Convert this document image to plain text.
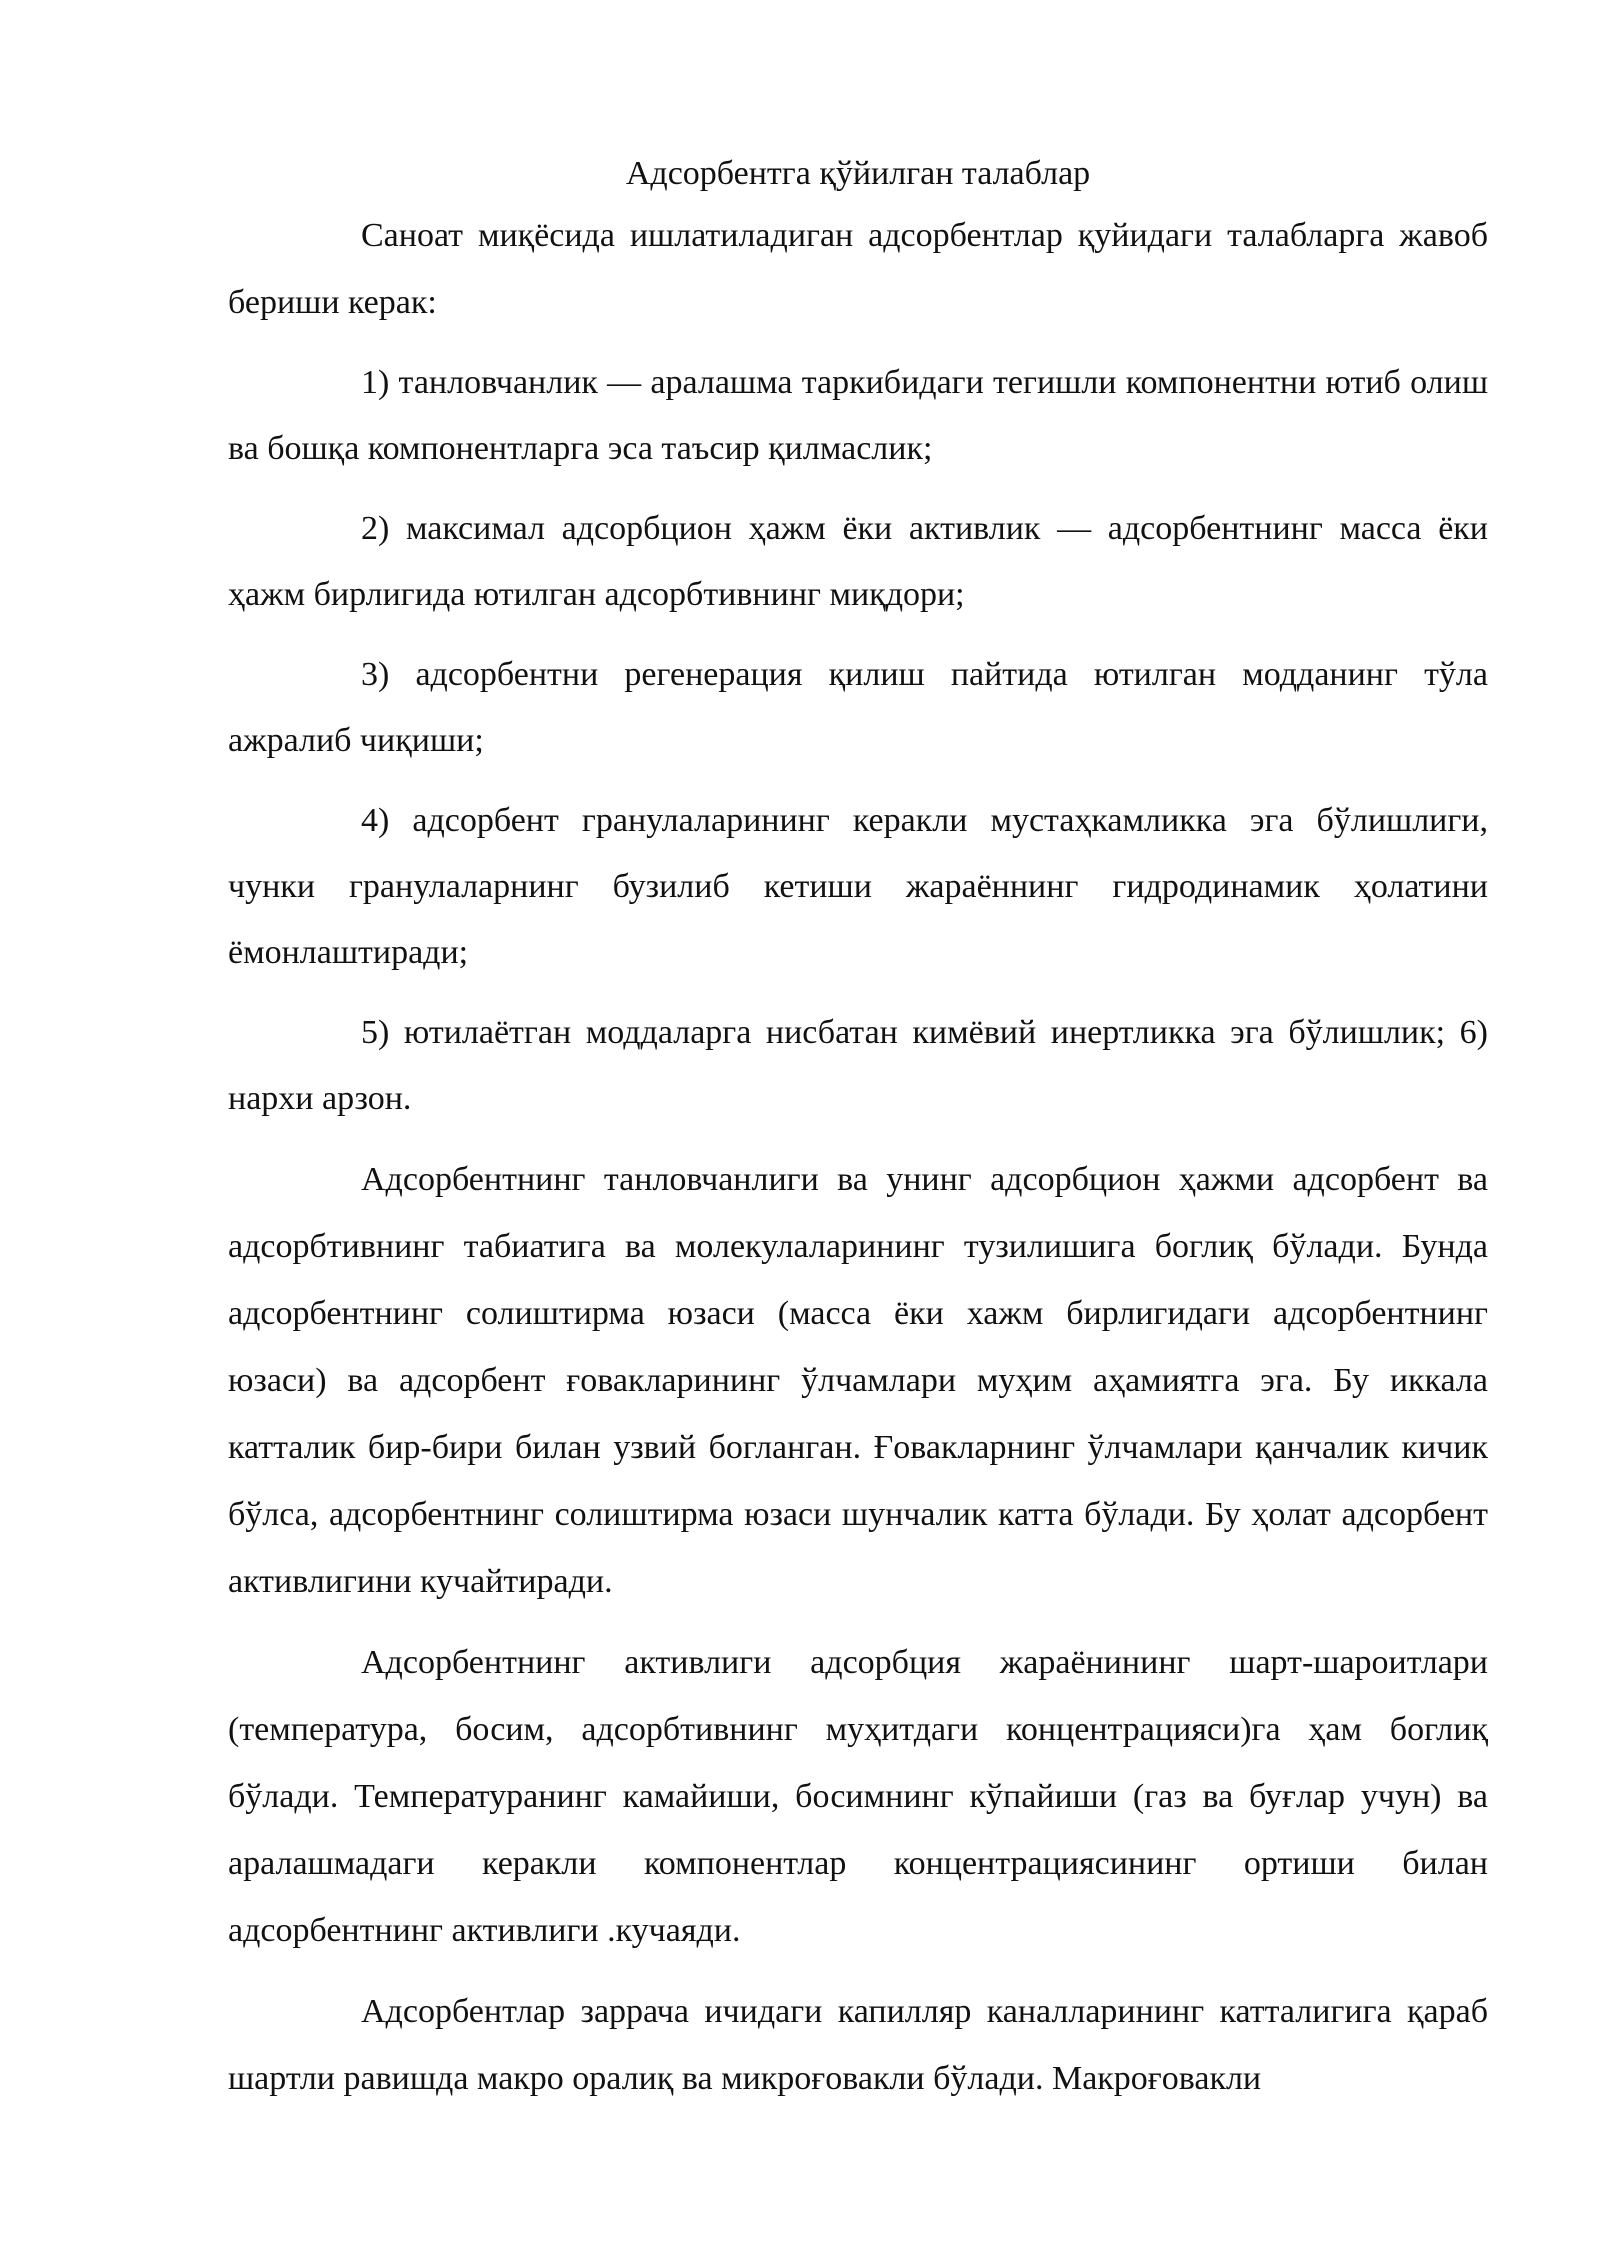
Адсорбентга қўйилган талаблар

Саноат миқёсида ишлатиладиган адсорбентлар қуйидаги талабларга жавоб бериши керак:

1) танловчанлик — аралашма таркибидаги тегишли компонентни ютиб олиш ва бошқа компонентларга эса таъсир қилмаслик;

2) максимал адсорбцион ҳажм ёки активлик — адсорбентнинг масса ёки ҳажм бирлигида ютилган адсорбтивнинг миқдори;

3) адсорбентни регенерация қилиш пайтида ютилган модданинг тўла ажралиб чиқиши;

4) адсорбент гранулаларининг керакли мустаҳкамликка эга бўлишлиги, чунки гранулаларнинг бузилиб кетиши жараённинг гидродинамик ҳолатини ёмонлаштиради;

5) ютилаётган моддаларга нисбатан кимёвий инертликка эга бўлишлик; 6) нархи арзон.

Адсорбентнинг танловчанлиги ва унинг адсорбцион ҳажми адсорбент ва адсорбтивнинг табиатига ва молекулаларининг тузилишига боглиқ бўлади. Бунда адсорбентнинг солиштирма юзаси (масса ёки хажм бирлигидаги адсорбентнинг юзаси) ва адсорбент ғовакларининг ўлчамлари муҳим аҳамиятга эга. Бу иккала катталик бир-бири билан узвий богланган. Ғовакларнинг ўлчамлари қанчалик кичик бўлса, адсорбентнинг солиштирма юзаси шунчалик катта бўлади. Бу ҳолат адсорбент активлигини кучайтиради.

Адсорбентнинг активлиги адсорбция жараёнининг шарт-шароитлари (температура, босим, адсорбтивнинг муҳитдаги концентрацияси)га ҳам боглиқ бўлади. Температуранинг камайиши, босимнинг кўпайиши (газ ва буғлар учун) ва аралашмадаги керакли компонентлар концентрациясининг ортиши билан адсорбентнинг активлиги .кучаяди.

Адсорбентлар заррача ичидаги капилляр каналларининг катталигига қараб шартли равишда макро оралиқ ва микроғовакли бўлади. Макроғовакли
